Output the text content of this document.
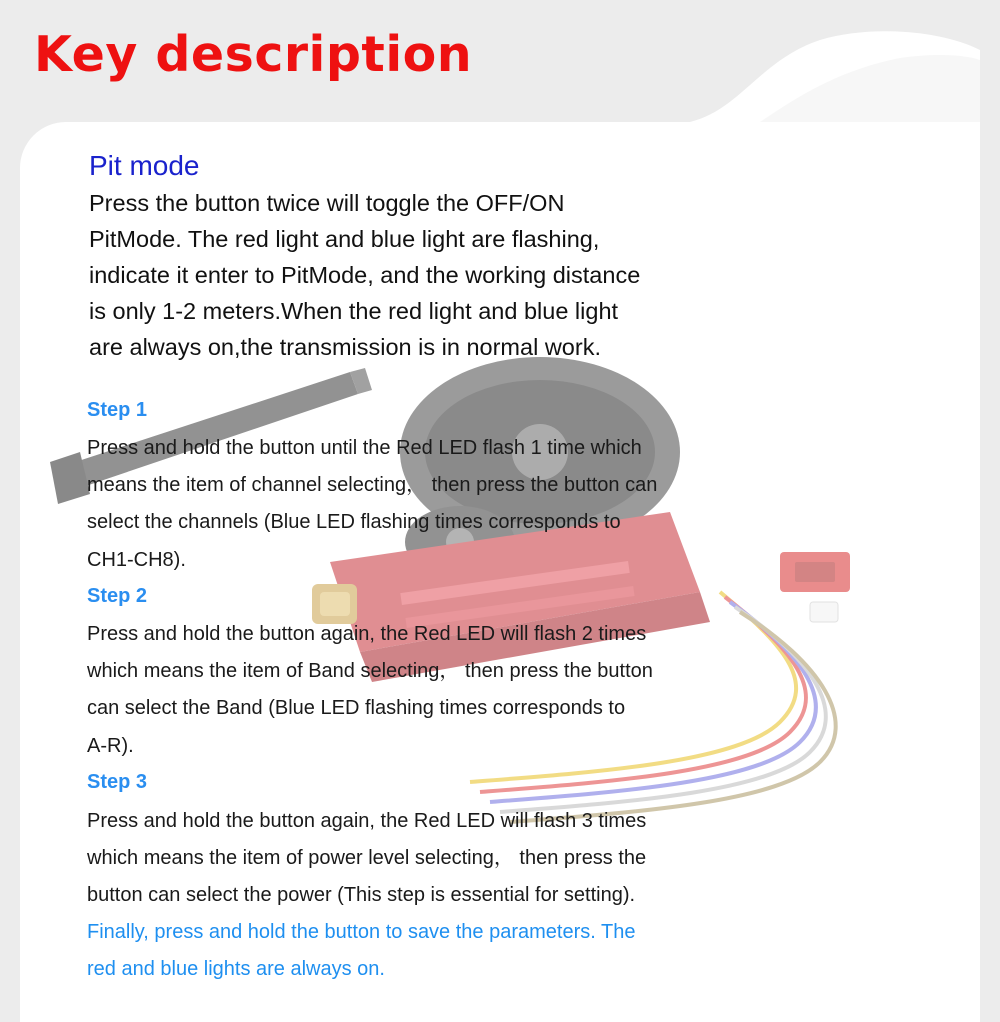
Key description
Pit mode

Press the button twice will toggle the OFF/ON
PitMode. The red light and blue light are flashing,
indicate it enter to PitMode, and the working distance
is only 1-2 meters.When the red light and blue light
are always on,the transmission is in normal work.

Step 1

Press and hold the button until the Red LED flash 1 time which
means the item of channel selecting， then press the button can
select the channels (Blue LED flashing times corresponds to
CH1-CH8).

Step 2

Press and hold the button again, the Red LED will flash 2 times
which means the item of Band selecting， then press the button
can select the Band (Blue LED flashing times corresponds to
A-R).

Step 3

Press and hold the button again, the Red LED will flash 3 times
which means the item of power level selecting， then press the
button can select the power (This step is essential for setting).

Finally, press and hold the button to save the parameters. The
red and blue lights are always on.
